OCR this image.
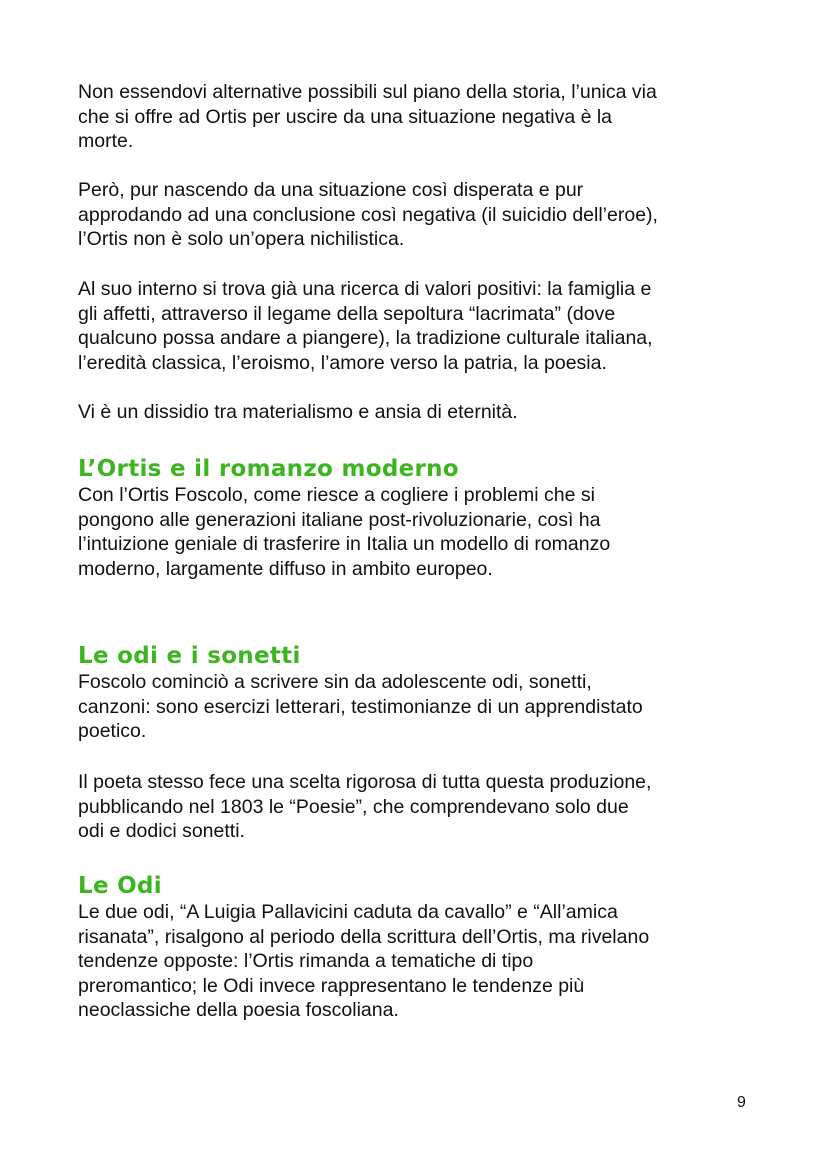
Non essendovi alternative possibili sul piano della storia, l’unica via
che si offre ad Ortis per uscire da una situazione negativa è la
morte.
Però, pur nascendo da una situazione così disperata e pur
approdando ad una conclusione così negativa (il suicidio dell’eroe),
l’Ortis non è solo un’opera nichilistica.
Al suo interno si trova già una ricerca di valori positivi: la famiglia e
gli affetti, attraverso il legame della sepoltura “lacrimata” (dove
qualcuno possa andare a piangere), la tradizione culturale italiana,
l’eredità classica, l’eroismo, l’amore verso la patria, la poesia.
Vi è un dissidio tra materialismo e ansia di eternità.
L’Ortis e il romanzo moderno
Con l’Ortis Foscolo, come riesce a cogliere i problemi che si
pongono alle generazioni italiane post-rivoluzionarie, così ha
l’intuizione geniale di trasferire in Italia un modello di romanzo
moderno, largamente diffuso in ambito europeo.
Le odi e i sonetti
Foscolo cominciò a scrivere sin da adolescente odi, sonetti,
canzoni: sono esercizi letterari, testimonianze di un apprendistato
poetico.
Il poeta stesso fece una scelta rigorosa di tutta questa produzione,
pubblicando nel 1803 le “Poesie”, che comprendevano solo due
odi e dodici sonetti.
Le Odi
Le due odi, “A Luigia Pallavicini caduta da cavallo” e “All’amica
risanata”, risalgono al periodo della scrittura dell’Ortis, ma rivelano
tendenze opposte: l’Ortis rimanda a tematiche di tipo
preromantico; le Odi invece rappresentano le tendenze più
neoclassiche della poesia foscoliana.
9
